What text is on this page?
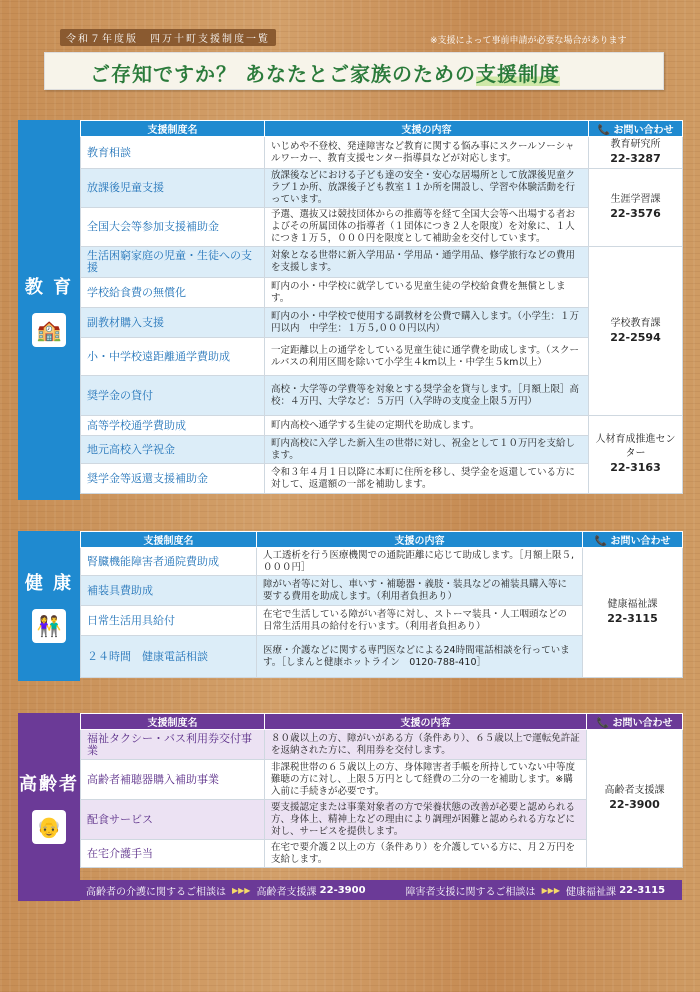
令和７年度版　四万十町支援制度一覧	※支援によって事前申請が必要な場合があります
ご存知ですか？ あなたとご家族のための支援制度
教 育
🏫
支援制度名	支援の内容	📞 お問い合わせ
教育相談	いじめや不登校、発達障害など教育に関する悩み事にスクールソーシャルワーカー、教育支援センター指導員などが対応します。	教育研究所
22-3287
放課後児童支援	放課後などにおける子ども達の安全・安心な居場所として放課後児童クラブ１か所、放課後子ども教室１１か所を開設し、学習や体験活動を行っています。	生涯学習課
22-3576
全国大会等参加支援補助金	予選、選抜又は競技団体からの推薦等を経て全国大会等へ出場する者およびその所属団体の指導者（１団体につき２人を限度）を対象に、１人につき１万５，０００円を限度として補助金を交付しています。	
生活困窮家庭の児童・生徒への支援	対象となる世帯に新入学用品・学用品・通学用品、修学旅行などの費用を支援します。	学校教育課
22-2594
学校給食費の無償化	町内の小・中学校に就学している児童生徒の学校給食費を無償としま す。	
副教材購入支援	町内の小・中学校で使用する副教材を公費で購入します。（小学生：１万円以内　中学生：１万５,０００円以内）	
小・中学校遠距離通学費助成	一定距離以上の通学をしている児童生徒に通学費を助成します。（スクールバスの利用区間を除いて小学生４km以上・中学生５km以上）	
奨学金の貸付	高校・大学等の学費等を対象とする奨学金を貸与します。［月額上限］高校：４万円、大学など：５万円（入学時の支度金上限５万円）	
高等学校通学費助成	町内高校へ通学する生徒の定期代を助成します。	人材育成推進センター
22-3163
地元高校入学祝金	町内高校に入学した新入生の世帯に対し、祝金として１０万円を支給します。	
奨学金等返還支援補助金	令和３年４月１日以降に本町に住所を移し、奨学金を返還している方に対して、返還額の一部を補助します。	
健 康
👫
支援制度名	支援の内容	📞 お問い合わせ
腎臓機能障害者通院費助成	人工透析を行う医療機関での通院距離に応じて助成します。［月額上限５,０００円］	健康福祉課
22-3115
補装具費助成	障がい者等に対し、車いす・補聴器・義肢・装具などの補装具購入等に要する費用を助成します。（利用者負担あり）	
日常生活用具給付	在宅で生活している障がい者等に対し、ストーマ装具・人工咽頭などの日常生活用具の給付を行います。（利用者負担あり）	
２４時間　健康電話相談	医療・介護などに関する専門医などによる24時間電話相談を行っています。［しまんと健康ホットライン　0120-788-410］	
高齢者
👴
支援制度名	支援の内容	📞 お問い合わせ
福祉タクシー・バス利用券交付事業	８０歳以上の方、障がいがある方（条件あり）、６５歳以上で運転免許証を返納された方に、利用券を交付します。	高齢者支援課
22-3900
高齢者補聴器購入補助事業	非課税世帯の６５歳以上の方、身体障害者手帳を所持していない中等度難聴の方に対し、上限５万円として経費の二分の一を補助します。※購入前に手続きが必要です。	
配食サービス	要支援認定または事業対象者の方で栄養状態の改善が必要と認められる方、身体上、精神上などの理由により調理が困難と認められる方などに対し、サービスを提供します。	
在宅介護手当	在宅で要介護２以上の方（条件あり）を介護している方に、月２万円を支給します。	
高齢者の介護に関するご相談は ▶▶▶ 高齢者支援課
22-3900	障害者支援に関するご相談は ▶▶▶ 健康福祉課
22-3115
